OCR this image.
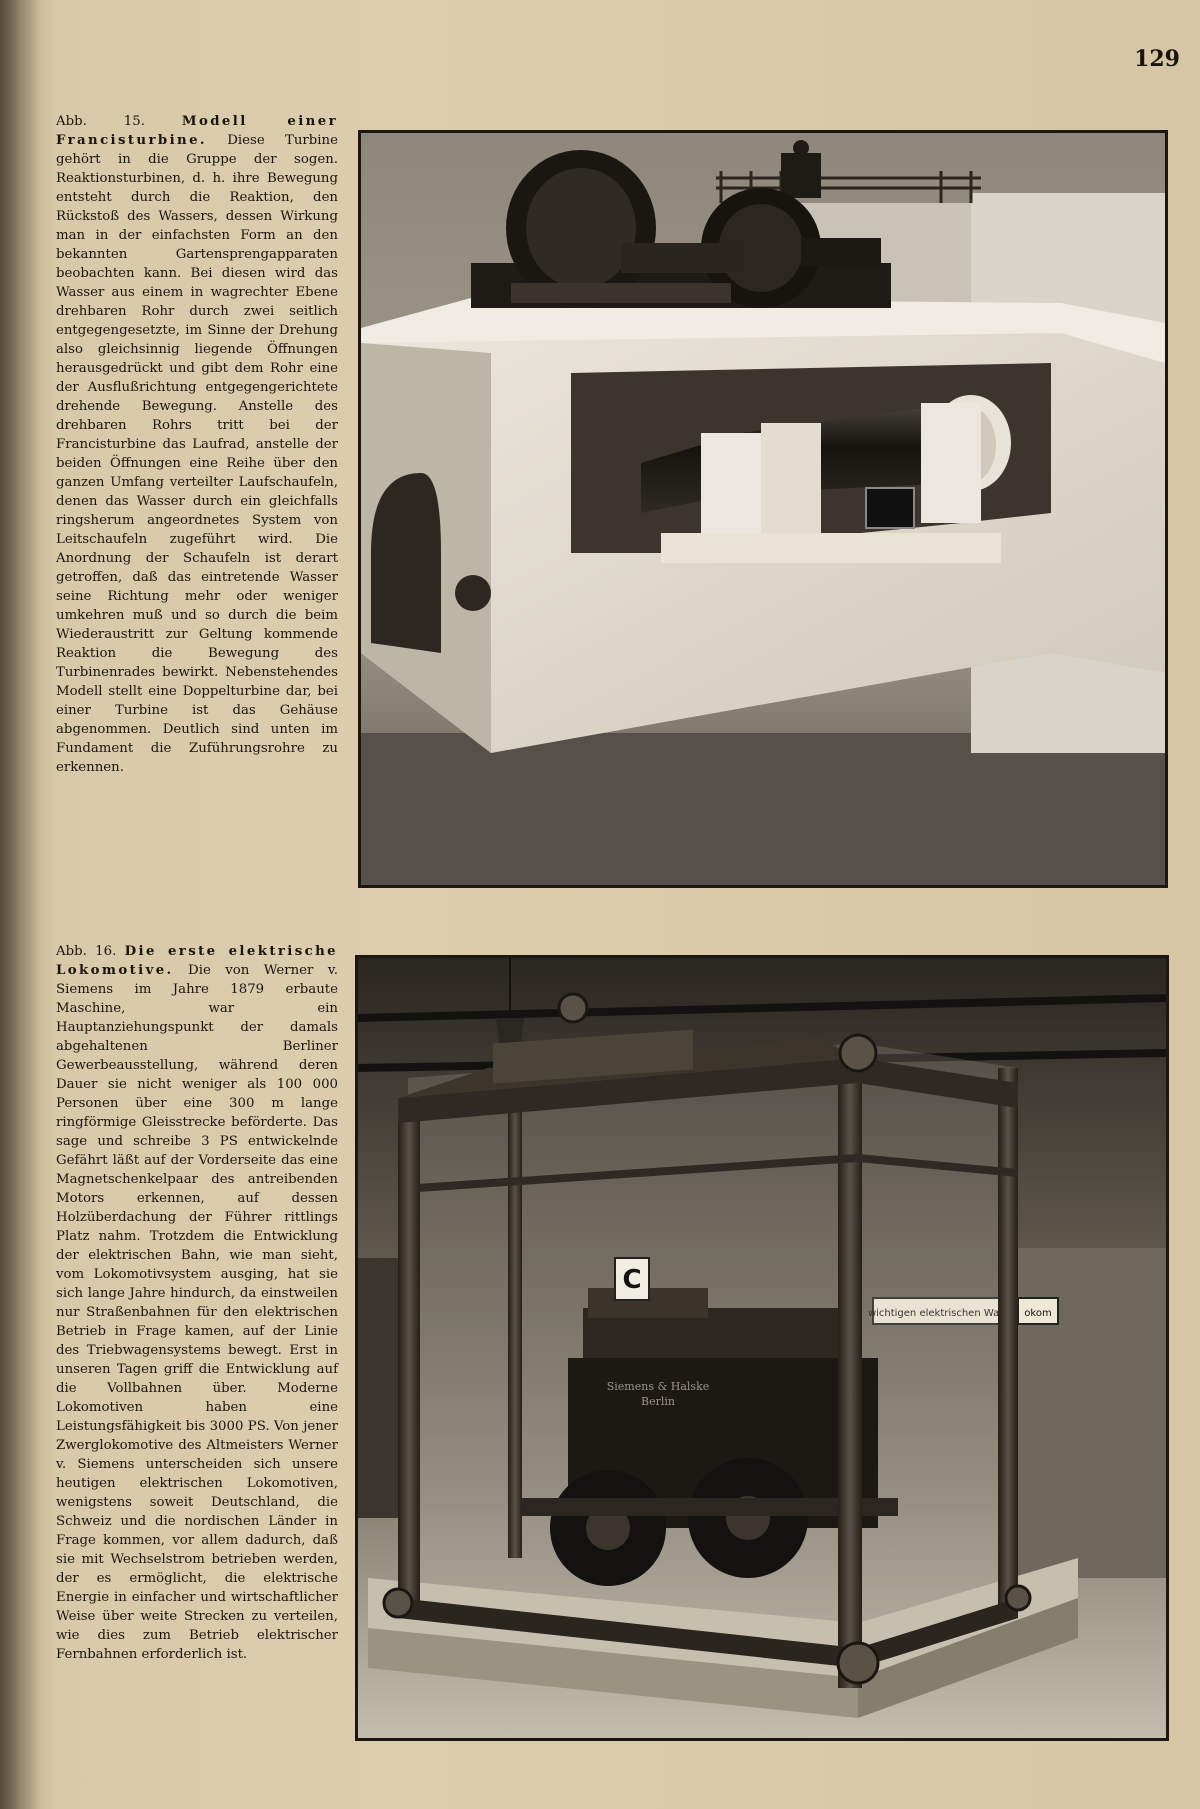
129
Abb. 15.	Modell einer Francisturbine. Diese Turbine gehört in die Gruppe der sogen. Reaktionsturbinen, d. h. ihre Bewegung entsteht durch die Reaktion, den Rückstoß des Wassers, dessen Wirkung man in der einfachsten Form an den bekannten Gartensprengapparaten beobachten kann. Bei diesen wird das Wasser aus einem in wagrechter Ebene drehbaren Rohr durch zwei seitlich entgegengesetzte, im Sinne der Drehung also gleichsinnig liegende Öffnungen herausgedrückt und gibt dem Rohr eine der Ausflußrichtung entgegengerichtete drehende Bewegung. Anstelle des drehbaren Rohrs tritt bei der Francisturbine das Laufrad, anstelle der beiden Öffnungen eine Reihe über den ganzen Umfang verteilter Laufschaufeln, denen das Wasser durch ein gleichfalls ringsherum angeordnetes System von Leitschaufeln zugeführt wird. Die Anordnung der Schaufeln ist derart getroffen, daß das eintretende Wasser seine Richtung mehr oder weniger umkehren muß und so durch die beim Wiederaustritt zur Geltung kommende Reaktion die Bewegung des Turbinenrades bewirkt. Nebenstehendes Modell stellt eine Doppelturbine dar, bei einer Turbine ist das Gehäuse abgenommen. Deutlich sind unten im Fundament die Zuführungsrohre zu erkennen.
Abb. 16. Die erste elektrische Lokomotive. Die von Werner v. Siemens im Jahre 1879 erbaute Maschine, war ein Hauptanziehungspunkt der damals abgehaltenen Berliner Gewerbeausstellung, während deren Dauer sie nicht weniger als 100 000 Personen über eine 300 m lange ringförmige Gleisstrecke beförderte. Das sage und schreibe 3 PS entwickelnde Gefährt läßt auf der Vorderseite das eine Magnetschenkelpaar des antreibenden Motors erkennen, auf dessen Holzüberdachung der Führer rittlings Platz nahm. Trotzdem die Entwicklung der elektrischen Bahn, wie man sieht, vom Lokomotivsystem ausging, hat sie sich lange Jahre hindurch, da einstweilen nur Straßenbahnen für den elektrischen Betrieb in Frage kamen, auf der Linie des Triebwagensystems bewegt. Erst in unseren Tagen griff die Entwicklung auf die Vollbahnen über. Moderne Lokomotiven haben eine Leistungsfähigkeit bis 3000 PS. Von jener Zwerglokomotive des Altmeisters Werner v. Siemens unterscheiden sich unsere heutigen elektrischen Lokomotiven, wenigstens soweit Deutschland, die Schweiz und die nordischen Länder in Frage kommen, vor allem dadurch, daß sie mit Wechselstrom betrieben werden, der es ermöglicht, die elektrische Energie in einfacher und wirtschaftlicher Weise über weite Strecken zu verteilen, wie dies zum Betrieb elektrischer Fernbahnen erforderlich ist.
okom
Siemens & Halske
Berlin
C
